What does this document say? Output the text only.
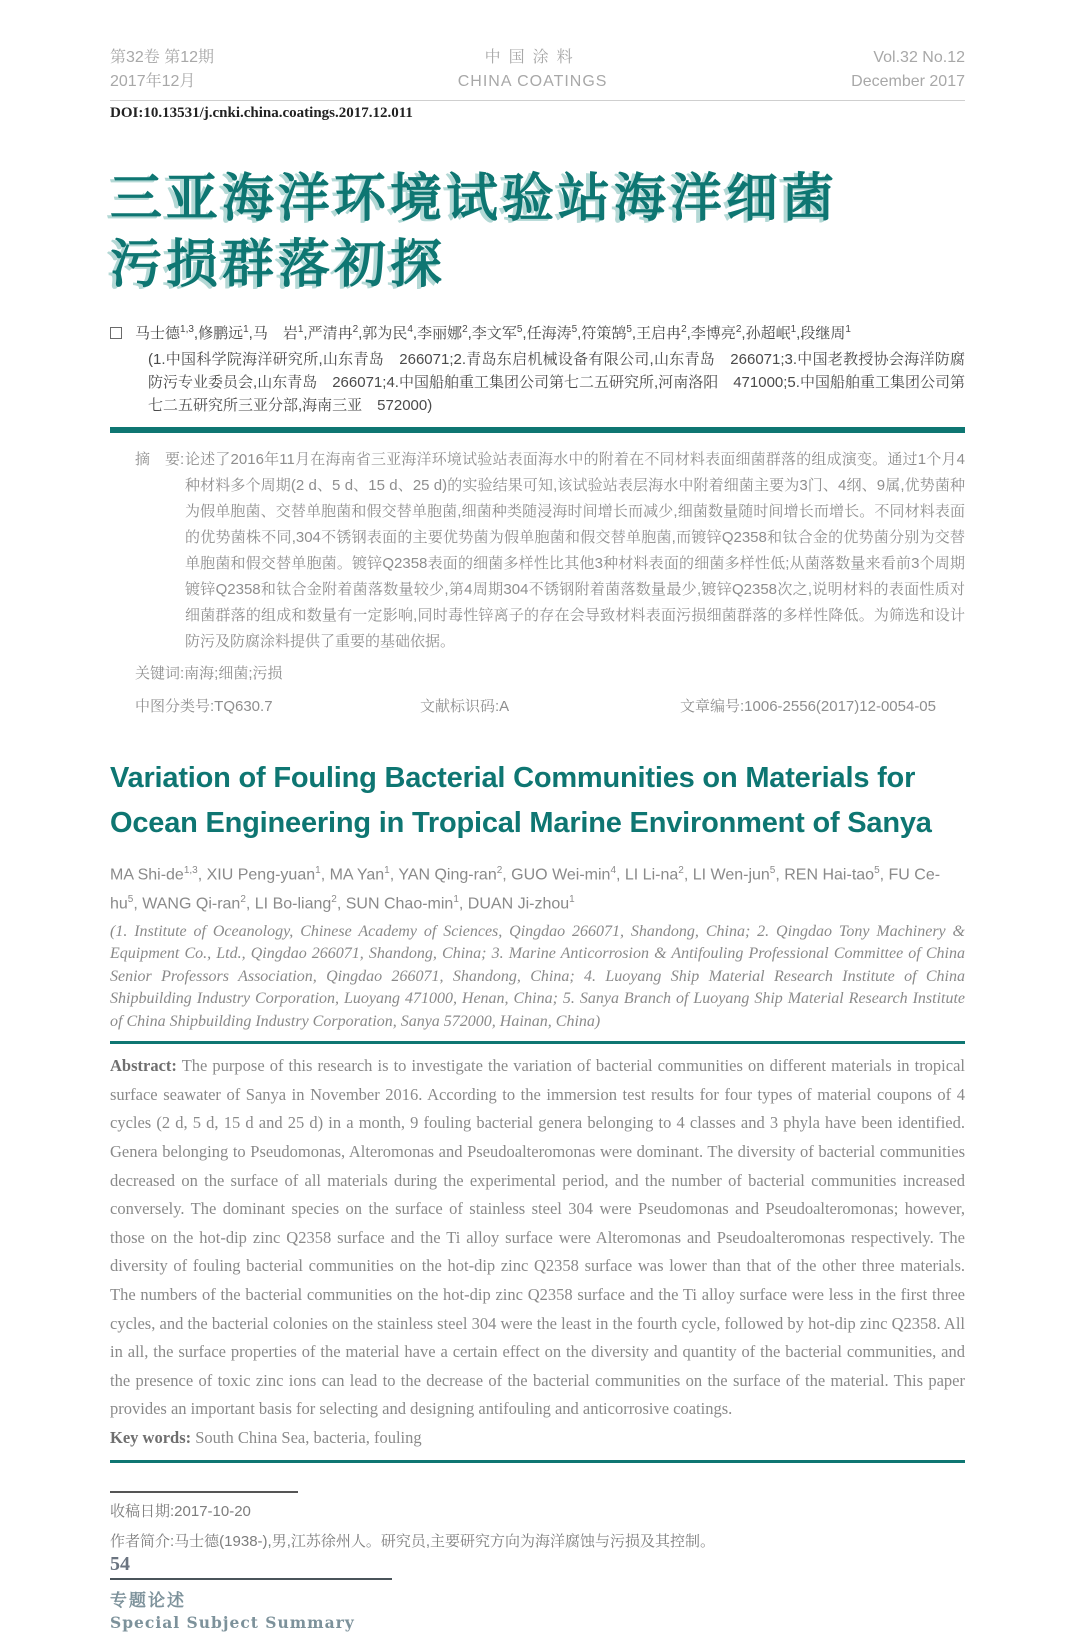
第32卷 第12期
2017年12月
中国涂料
CHINA COATINGS
Vol.32 No.12
December 2017
DOI:10.13531/j.cnki.china.coatings.2017.12.011
三亚海洋环境试验站海洋细菌
污损群落初探
马士德$^{1,3}$,修鹏远$^1$,马　岩$^1$,严清冉$^2$,郭为民$^4$,李丽娜$^2$,李文军$^5$,任海涛$^5$,符策鹄$^5$,王启冉$^2$,李博亮$^2$,孙超岷$^1$,段继周$^1$
(1.中国科学院海洋研究所,山东青岛　266071;2.青岛东启机械设备有限公司,山东青岛　266071;3.中国老教授协会海洋防腐防污专业委员会,山东青岛　266071;4.中国船舶重工集团公司第七二五研究所,河南洛阳　471000;5.中国船舶重工集团公司第七二五研究所三亚分部,海南三亚　572000)
摘　要: 论述了2016年11月在海南省三亚海洋环境试验站表面海水中的附着在不同材料表面细菌群落的组成演变。通过1个月4种材料多个周期(2 d、5 d、15 d、25 d)的实验结果可知,该试验站表层海水中附着细菌主要为3门、4纲、9属,优势菌种为假单胞菌、交替单胞菌和假交替单胞菌,细菌种类随浸海时间增长而减少,细菌数量随时间增长而增长。不同材料表面的优势菌株不同,304不锈钢表面的主要优势菌为假单胞菌和假交替单胞菌,而镀锌Q2358和钛合金的优势菌分别为交替单胞菌和假交替单胞菌。镀锌Q2358表面的细菌多样性比其他3种材料表面的细菌多样性低;从菌落数量来看前3个周期镀锌Q2358和钛合金附着菌落数量较少,第4周期304不锈钢附着菌落数量最少,镀锌Q2358次之,说明材料的表面性质对细菌群落的组成和数量有一定影响,同时毒性锌离子的存在会导致材料表面污损细菌群落的多样性降低。为筛选和设计防污及防腐涂料提供了重要的基础依据。
关键词:南海;细菌;污损
中图分类号:TQ630.7	文献标识码:A	文章编号:1006-2556(2017)12-0054-05
Variation of Fouling Bacterial Communities on Materials for
Ocean Engineering in Tropical Marine Environment of Sanya
MA Shi-de$^{1,3}$, XIU Peng-yuan$^1$, MA Yan$^1$, YAN Qing-ran$^2$, GUO Wei-$\min^4$, LI $Li-na^2$, LI Wen-jun$^5$, REN Hai-tao$^5$, FU $Ce-hu^5$, WANG Qi-ran$^2$, LI Bo-liang$^2$, SUN Chao-$\min^1$, DUAN Ji-zhou$^1$
(1. Institute of Oceanology, Chinese Academy of Sciences, Qingdao 266071, Shandong, China; 2. Qingdao Tony Machinery & Equipment Co., Ltd., Qingdao 266071, Shandong, China; 3. Marine Anticorrosion & Antifouling Professional Committee of China Senior Professors Association, Qingdao 266071, Shandong, China; 4. Luoyang Ship Material Research Institute of China Shipbuilding Industry Corporation, Luoyang 471000, Henan, China; 5. Sanya Branch of Luoyang Ship Material Research Institute of China Shipbuilding Industry Corporation, Sanya 572000, Hainan, China)
Abstract: The purpose of this research is to investigate the variation of bacterial communities on different materials in tropical surface seawater of Sanya in November 2016. According to the immersion test results for four types of material coupons of 4 cycles (2 d, 5 d, 15 d and 25 d) in a month, 9 fouling bacterial genera belonging to 4 classes and 3 phyla have been identified. Genera belonging to Pseudomonas, Alteromonas and Pseudoalteromonas were dominant. The diversity of bacterial communities decreased on the surface of all materials during the experimental period, and the number of bacterial communities increased conversely. The dominant species on the surface of stainless steel 304 were Pseudomonas and Pseudoalteromonas; however, those on the hot-dip zinc Q2358 surface and the Ti alloy surface were Alteromonas and Pseudoalteromonas respectively. The diversity of fouling bacterial communities on the hot-dip zinc Q2358 surface was lower than that of the other three materials. The numbers of the bacterial communities on the hot-dip zinc Q2358 surface and the Ti alloy surface were less in the first three cycles, and the bacterial colonies on the stainless steel 304 were the least in the fourth cycle, followed by hot-dip zinc Q2358. All in all, the surface properties of the material have a certain effect on the diversity and quantity of the bacterial communities, and the presence of toxic zinc ions can lead to the decrease of the bacterial communities on the surface of the material. This paper provides an important basis for selecting and designing antifouling and anticorrosive coatings.
Key words: South China Sea, bacteria, fouling

收稿日期:2017-10-20

作者简介:马士德(1938-),男,江苏徐州人。研究员,主要研究方向为海洋腐蚀与污损及其控制。

54
专题论述
Special Subject Summary
